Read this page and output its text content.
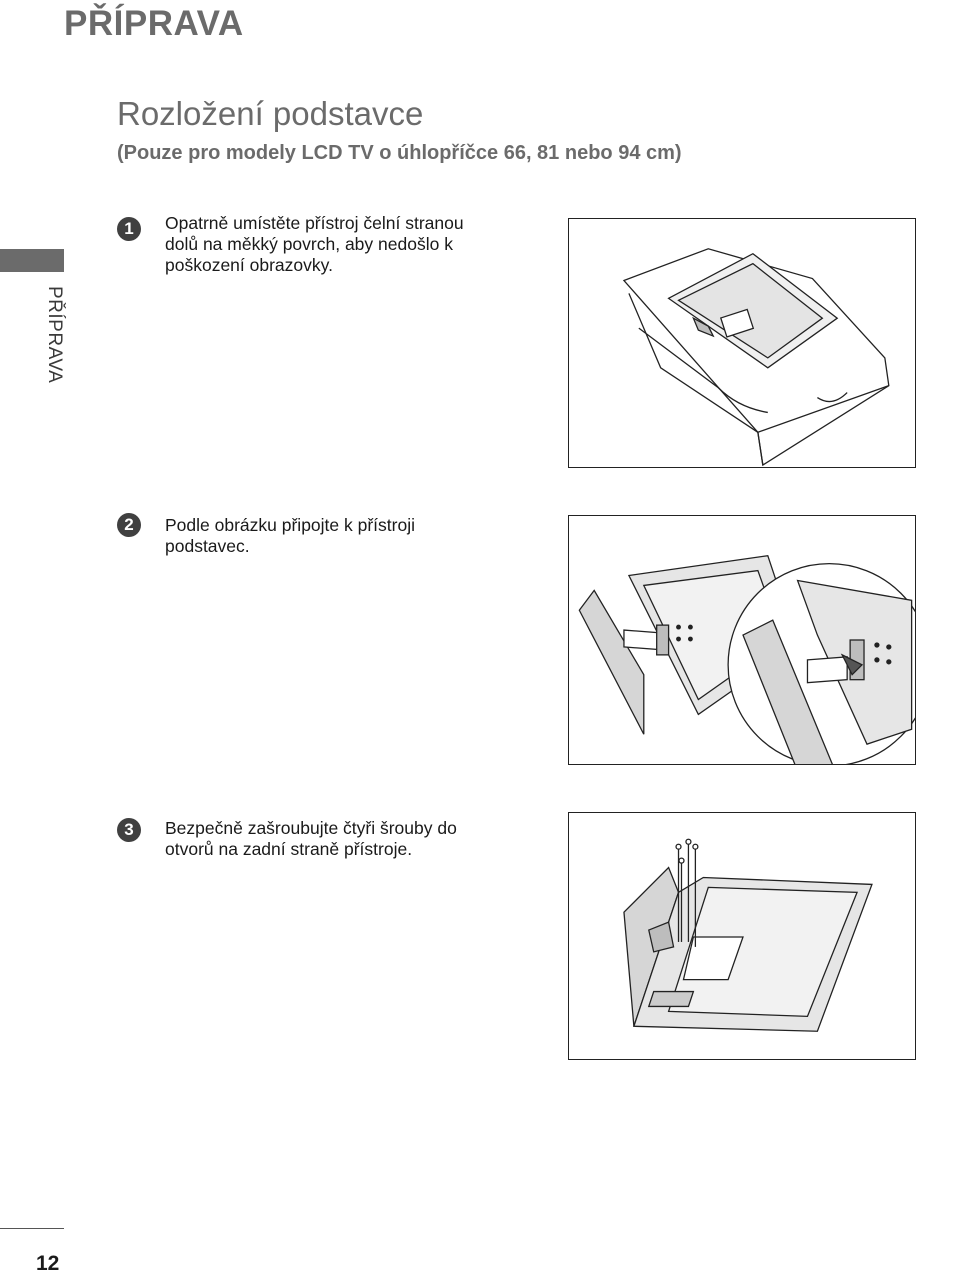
PŘÍPRAVA
Rozložení podstavce
(Pouze pro modely LCD TV o úhlopříčce 66, 81 nebo 94 cm)
PŘÍPRAVA
1	Opatrně umístěte přístroj čelní stranou
dolů na měkký povrch, aby nedošlo k
poškození obrazovky.
2	Podle obrázku připojte k přístroji
podstavec.
3	Bezpečně zašroubujte čtyři šrouby do
otvorů na zadní straně přístroje.
12
